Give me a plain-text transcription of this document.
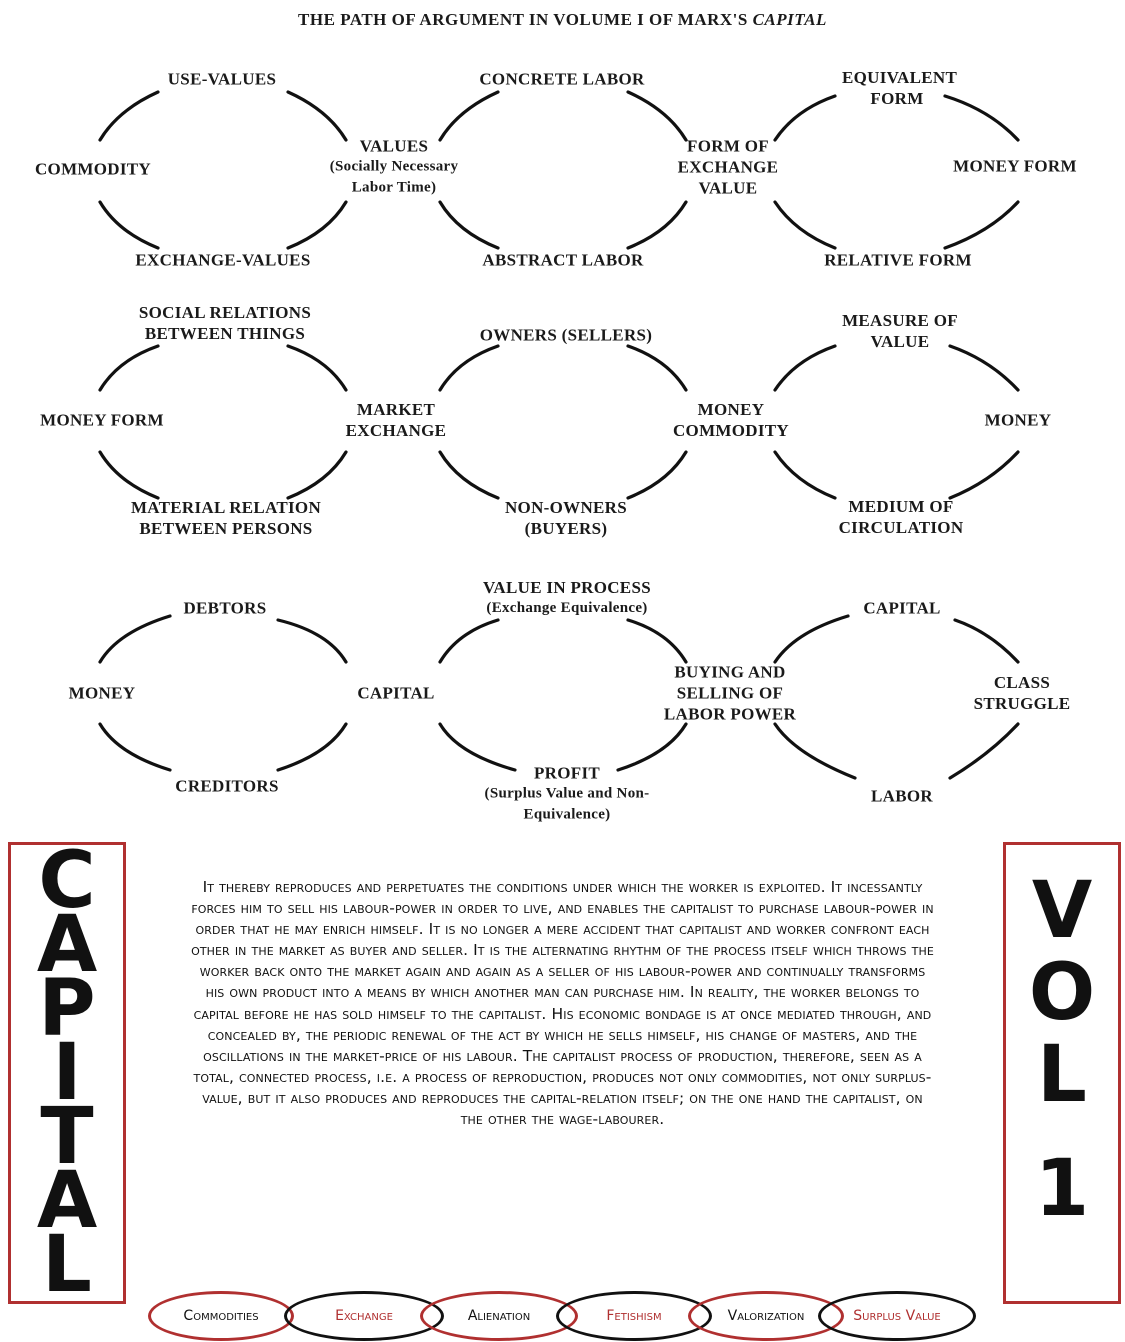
THE PATH OF ARGUMENT IN VOLUME I OF MARX'S CAPITAL
USE-VALUES
COMMODITY
EXCHANGE-VALUES
VALUES
(Socially Necessary Labor Time)
CONCRETE LABOR
ABSTRACT LABOR
FORM OF EXCHANGE VALUE
EQUIVALENT FORM
MONEY FORM
RELATIVE FORM
SOCIAL RELATIONS BETWEEN THINGS
MONEY FORM
MATERIAL RELATION BETWEEN PERSONS
MARKET EXCHANGE
OWNERS (SELLERS)
NON-OWNERS (BUYERS)
MONEY COMMODITY
MEASURE OF VALUE
MONEY
MEDIUM OF CIRCULATION
DEBTORS
MONEY
CREDITORS
CAPITAL
VALUE IN PROCESS
(Exchange Equivalence)
PROFIT
(Surplus Value and Non-Equivalence)
BUYING AND SELLING OF LABOR POWER
CAPITAL
CLASS STRUGGLE
LABOR
C
A
P
I
T
A
L
V
O
L
1
It thereby reproduces and perpetuates the conditions under which the worker is exploited. It incessantly forces him to sell his labour-power in order to live, and enables the capitalist to purchase labour-power in order that he may enrich himself. It is no longer a mere accident that capitalist and worker confront each other in the market as buyer and seller. It is the alternating rhythm of the process itself which throws the worker back onto the market again and again as a seller of his labour-power and continually transforms his own product into a means by which another man can purchase him. In reality, the worker belongs to capital before he has sold himself to the capitalist. His economic bondage is at once mediated through, and concealed by, the periodic renewal of the act by which he sells himself, his change of masters, and the oscillations in the market-price of his labour. The capitalist process of production, therefore, seen as a total, connected process, i.e. a process of reproduction, produces not only commodities, not only surplus-value, but it also produces and reproduces the capital-relation itself; on the one hand the capitalist, on the other the wage-labourer.
Commodities	Exchange	Alienation	Fetishism	Valorization	Surplus Value
